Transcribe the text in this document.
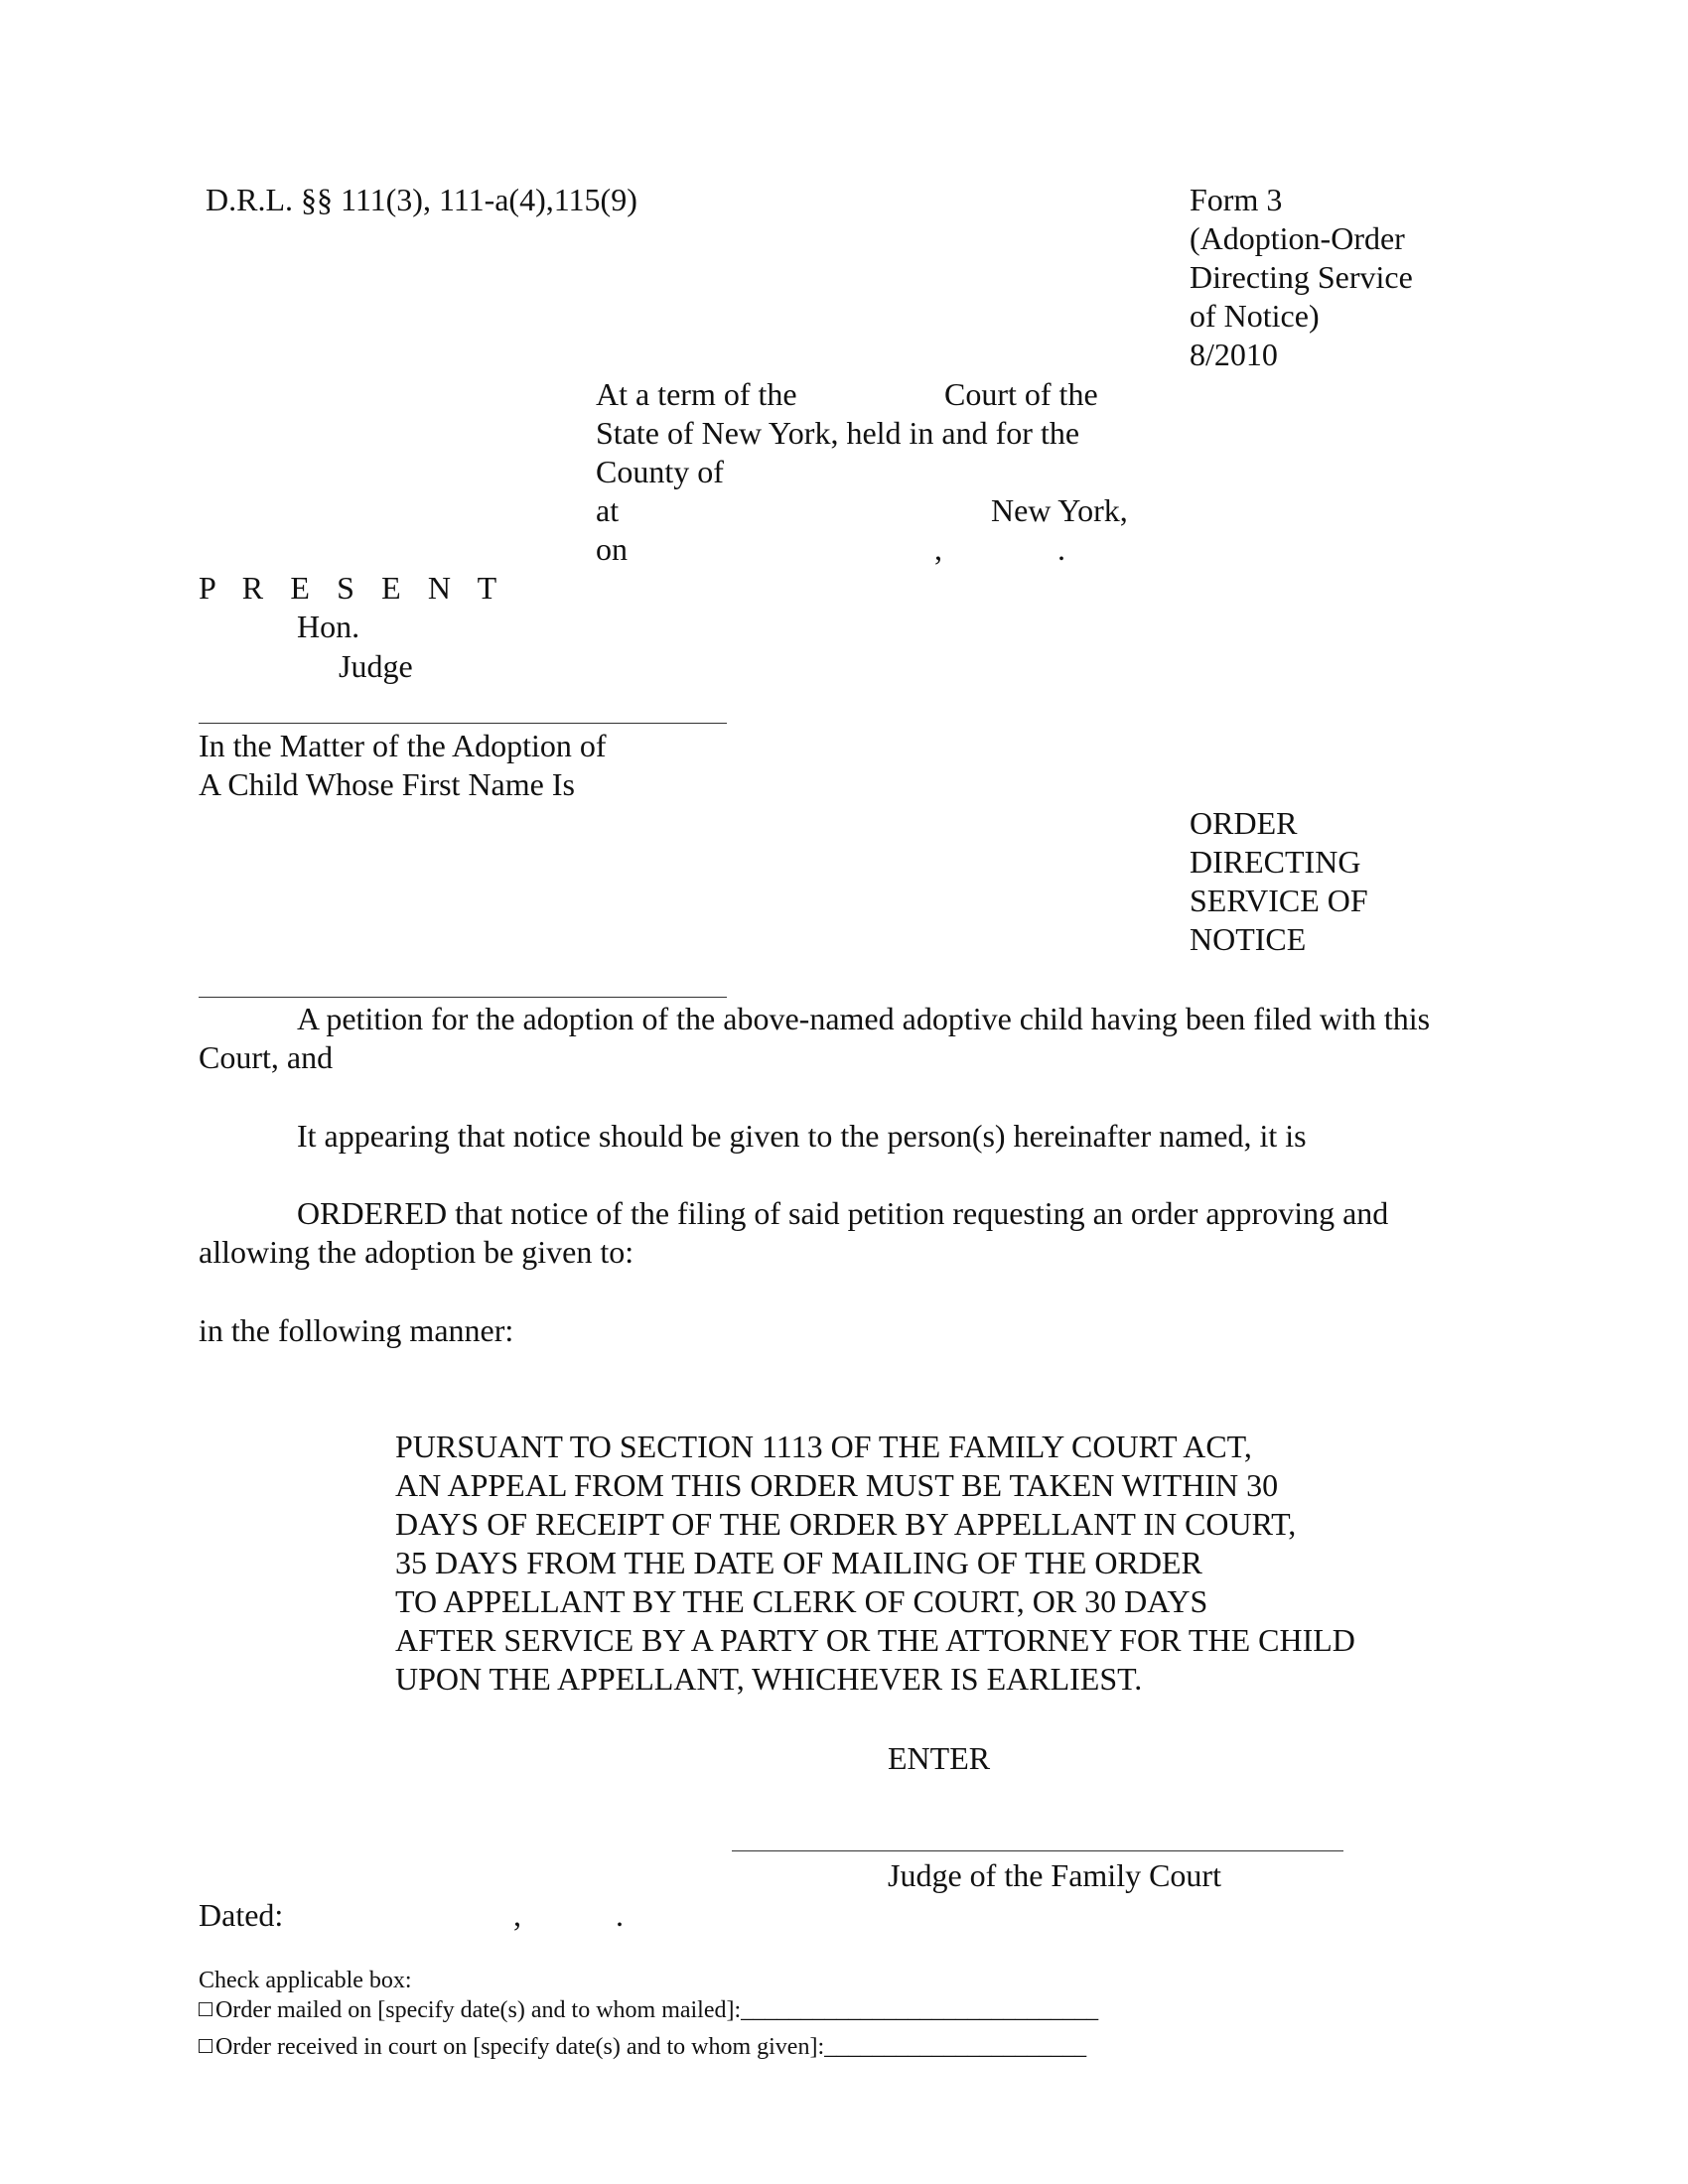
D.R.L. §§ 111(3), 111-a(4),115(9)	Form 3
(Adoption-Order
Directing Service
of Notice)
8/2010
At a term of the	Court of the
State of New York, held in and for the
County of
at	New York,
on	,	.
P R E S E N T
Hon.
Judge
In the Matter of the Adoption of
A Child Whose First Name Is
ORDER
DIRECTING
SERVICE OF
NOTICE
A petition for the adoption of the above-named adoptive child having been filed with this
Court, and
It appearing that notice should be given to the person(s) hereinafter named, it is
ORDERED that notice of the filing of said petition requesting an order approving and
allowing the adoption be given to:
in the following manner:
PURSUANT TO SECTION 1113 OF THE FAMILY COURT ACT,
AN APPEAL FROM THIS ORDER MUST BE TAKEN WITHIN 30
DAYS OF RECEIPT OF THE ORDER BY APPELLANT IN COURT,
35 DAYS FROM THE DATE OF MAILING OF THE ORDER
TO APPELLANT BY THE CLERK OF COURT, OR 30 DAYS
AFTER SERVICE BY A PARTY OR THE ATTORNEY FOR THE CHILD
UPON THE APPELLANT, WHICHEVER IS EARLIEST.
ENTER
Judge of the Family Court
Dated:	,	.
Check applicable box:
Order mailed on [specify date(s) and to whom mailed]:______________________________
Order received in court on [specify date(s) and to whom given]:______________________
